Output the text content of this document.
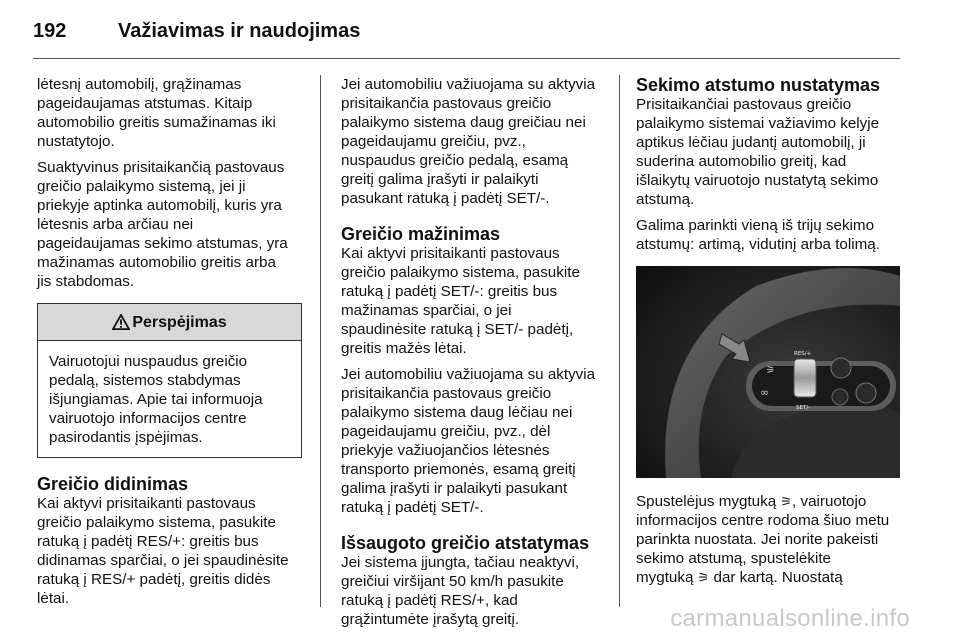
192	Važiavimas ir naudojimas
lėtesnį automobilį, grąžinamas
pageidaujamas atstumas. Kitaip
automobilio greitis sumažinamas iki
nustatytojo.
Suaktyvinus prisitaikančią pastovaus
greičio palaikymo sistemą, jei ji
priekyje aptinka automobilį, kuris yra
lėtesnis arba arčiau nei
pageidaujamas sekimo atstumas, yra
mažinamas automobilio greitis arba
jis stabdomas.
Perspėjimas
Vairuotojui nuspaudus greičio
pedalą, sistemos stabdymas
išjungiamas. Apie tai informuoja
vairuotojo informacijos centre
pasirodantis įspėjimas.
Greičio didinimas
Kai aktyvi prisitaikanti pastovaus
greičio palaikymo sistema, pasukite
ratuką į padėtį RES/+: greitis bus
didinamas sparčiai, o jei spaudinėsite
ratuką į RES/+ padėtį, greitis didės
lėtai.
Jei automobiliu važiuojama su aktyvia
prisitaikančia pastovaus greičio
palaikymo sistema daug greičiau nei
pageidaujamu greičiu, pvz.,
nuspaudus greičio pedalą, esamą
greitį galima įrašyti ir palaikyti
pasukant ratuką į padėtį SET/-.
Greičio mažinimas
Kai aktyvi prisitaikanti pastovaus
greičio palaikymo sistema, pasukite
ratuką į padėtį SET/-: greitis bus
mažinamas sparčiai, o jei
spaudinėsite ratuką į SET/- padėtį,
greitis mažės lėtai.
Jei automobiliu važiuojama su aktyvia
prisitaikančia pastovaus greičio
palaikymo sistema daug lėčiau nei
pageidaujamu greičiu, pvz., dėl
priekyje važiuojančios lėtesnės
transporto priemonės, esamą greitį
galima įrašyti ir palaikyti pasukant
ratuką į padėtį SET/-.
Išsaugoto greičio atstatymas
Jei sistema įjungta, tačiau neaktyvi,
greičiui viršijant 50 km/h pasukite
ratuką į padėtį RES/+, kad
grąžintumėte įrašytą greitį.
Sekimo atstumo nustatymas
Prisitaikančiai pastovaus greičio
palaikymo sistemai važiavimo kelyje
aptikus lėčiau judantį automobilį, ji
suderina automobilio greitį, kad
išlaikytų vairuotojo nustatytą sekimo
atstumą.
Galima parinkti vieną iš trijų sekimo
atstumų: artimą, vidutinį arba tolimą.
⚞
∞
RES/+
SET/-
Spustelėjus mygtuką ⚞, vairuotojo
informacijos centre rodoma šiuo metu
parinkta nuostata. Jei norite pakeisti
sekimo atstumą, spustelėkite
mygtuką ⚞ dar kartą. Nuostatą
carmanualsonline.info
